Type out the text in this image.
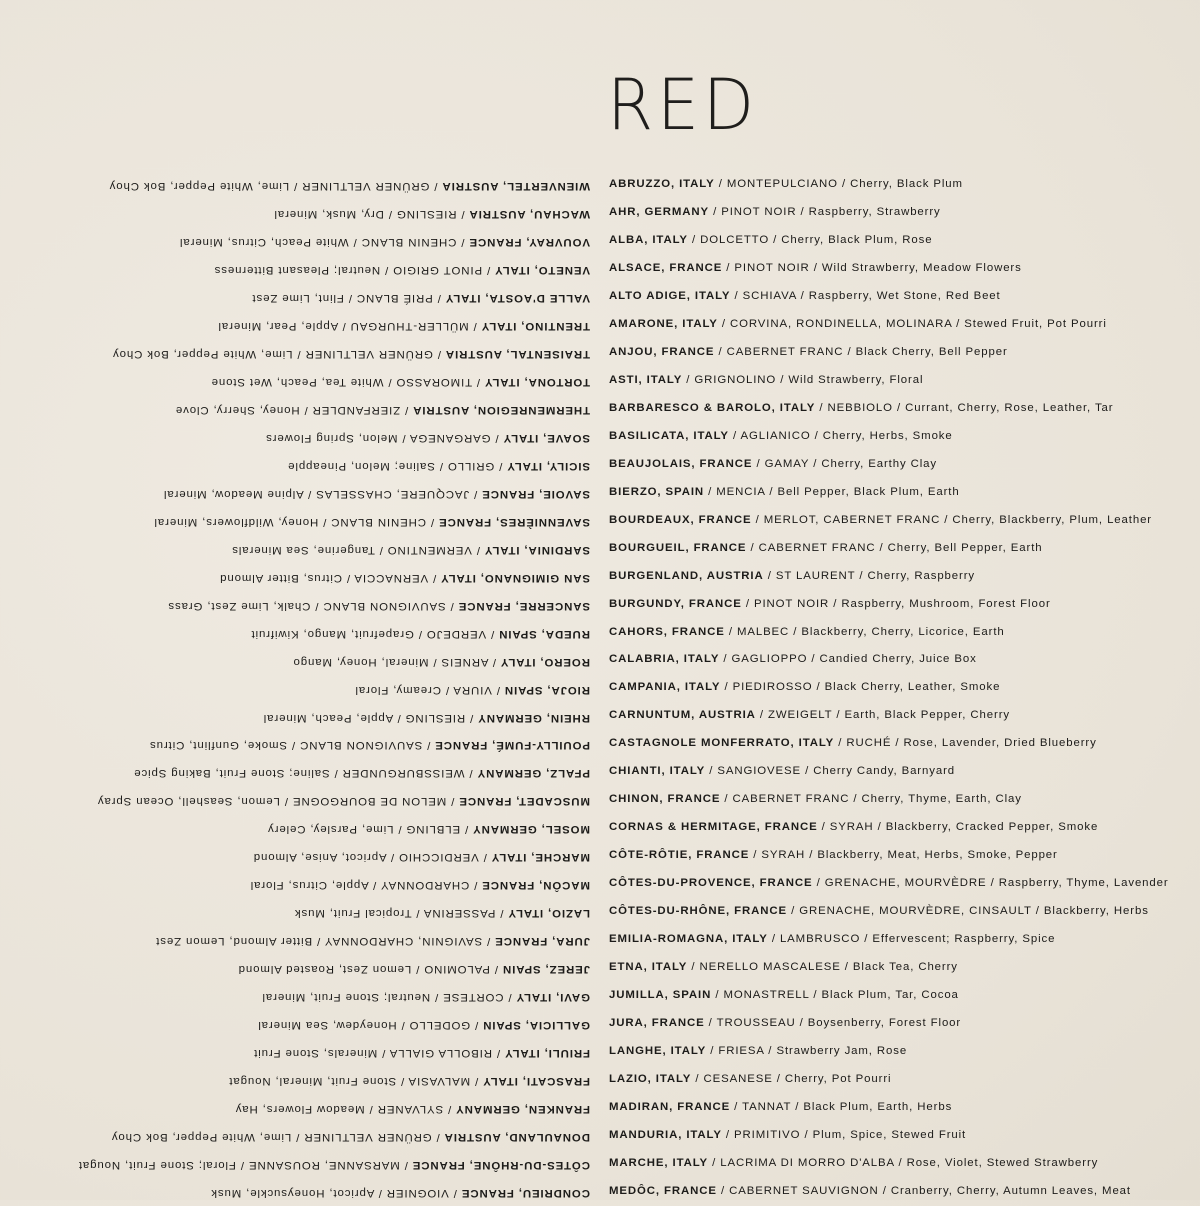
RED
ABRUZZO, ITALY / MONTEPULCIANO / Cherry, Black Plum
AHR, GERMANY / PINOT NOIR / Raspberry, Strawberry
ALBA, ITALY / DOLCETTO / Cherry, Black Plum, Rose
ALSACE, FRANCE / PINOT NOIR / Wild Strawberry, Meadow Flowers
ALTO ADIGE, ITALY / SCHIAVA / Raspberry, Wet Stone, Red Beet
AMARONE, ITALY / CORVINA, RONDINELLA, MOLINARA / Stewed Fruit, Pot Pourri
ANJOU, FRANCE / CABERNET FRANC / Black Cherry, Bell Pepper
ASTI, ITALY / GRIGNOLINO / Wild Strawberry, Floral
BARBARESCO & BAROLO, ITALY / NEBBIOLO / Currant, Cherry, Rose, Leather, Tar
BASILICATA, ITALY / AGLIANICO / Cherry, Herbs, Smoke
BEAUJOLAIS, FRANCE / GAMAY / Cherry, Earthy Clay
BIERZO, SPAIN / MENCIA / Bell Pepper, Black Plum, Earth
BOURDEAUX, FRANCE / MERLOT, CABERNET FRANC / Cherry, Blackberry, Plum, Leather
BOURGUEIL, FRANCE / CABERNET FRANC / Cherry, Bell Pepper, Earth
BURGENLAND, AUSTRIA / ST LAURENT / Cherry, Raspberry
BURGUNDY, FRANCE / PINOT NOIR / Raspberry, Mushroom, Forest Floor
CAHORS, FRANCE / MALBEC / Blackberry, Cherry, Licorice, Earth
CALABRIA, ITALY / GAGLIOPPO / Candied Cherry, Juice Box
CAMPANIA, ITALY / PIEDIROSSO / Black Cherry, Leather, Smoke
CARNUNTUM, AUSTRIA / ZWEIGELT / Earth, Black Pepper, Cherry
CASTAGNOLE MONFERRATO, ITALY / RUCHÉ / Rose, Lavender, Dried Blueberry
CHIANTI, ITALY / SANGIOVESE / Cherry Candy, Barnyard
CHINON, FRANCE / CABERNET FRANC / Cherry, Thyme, Earth, Clay
CORNAS & HERMITAGE, FRANCE / SYRAH / Blackberry, Cracked Pepper, Smoke
CÔTE-RÔTIE, FRANCE / SYRAH / Blackberry, Meat, Herbs, Smoke, Pepper
CÔTES-DU-PROVENCE, FRANCE / GRENACHE, MOURVÈDRE / Raspberry, Thyme, Lavender
CÔTES-DU-RHÔNE, FRANCE / GRENACHE, MOURVÈDRE, CINSAULT / Blackberry, Herbs
EMILIA-ROMAGNA, ITALY / LAMBRUSCO / Effervescent; Raspberry, Spice
ETNA, ITALY / NERELLO MASCALESE / Black Tea, Cherry
JUMILLA, SPAIN / MONASTRELL / Black Plum, Tar, Cocoa
JURA, FRANCE / TROUSSEAU / Boysenberry, Forest Floor
LANGHE, ITALY / FRIESA / Strawberry Jam, Rose
LAZIO, ITALY / CESANESE / Cherry, Pot Pourri
MADIRAN, FRANCE / TANNAT / Black Plum, Earth, Herbs
MANDURIA, ITALY / PRIMITIVO / Plum, Spice, Stewed Fruit
MARCHE, ITALY / LACRIMA DI MORRO D'ALBA / Rose, Violet, Stewed Strawberry
MEDÔC, FRANCE / CABERNET SAUVIGNON / Cranberry, Cherry, Autumn Leaves, Meat
CONDRIEU, FRANCE / VIOGNIER / Apricot, Honeysuckle, Musk
CÔTES-DU-RHÔNE, FRANCE / MARSANNE, ROUSANNE / Floral; Stone Fruit, Nougat
DONAULAND, AUSTRIA / GRÜNER VELTLINER / Lime, White Pepper, Bok Choy
FRANKEN, GERMANY / SYLVANER / Meadow Flowers, Hay
FRASCATI, ITALY / MALVASIA / Stone Fruit, Mineral, Nougat
FRIULI, ITALY / RIBOLLA GIALLA / Minerals, Stone Fruit
GALLICIA, SPAIN / GODELLO / Honeydew, Sea Mineral
GAVI, ITALY / CORTESE / Neutral; Stone Fruit, Mineral
JEREZ, SPAIN / PALOMINO / Lemon Zest, Roasted Almond
JURA, FRANCE / SAVIGNIN, CHARDONNAY / Bitter Almond, Lemon Zest
LAZIO, ITALY / PASSERINA / Tropical Fruit, Musk
MACÔN, FRANCE / CHARDONNAY / Apple, Citrus, Floral
MARCHE, ITALY / VERDICCHIO / Apricot, Anise, Almond
MOSEL, GERMANY / ELBLING / Lime, Parsley, Celery
MUSCADET, FRANCE / MELON DE BOURGOGNE / Lemon, Seashell, Ocean Spray
PFALZ, GERMANY / WEISSBURGUNDER / Saline; Stone Fruit, Baking Spice
POUILLY-FUMÉ, FRANCE / SAUVIGNON BLANC / Smoke, Gunflint, Citrus
RHEIN, GERMANY / RIESLING / Apple, Peach, Mineral
RIOJA, SPAIN / VIURA / Creamy, Floral
ROERO, ITALY / ARNEIS / Mineral, Honey, Mango
RUEDA, SPAIN / VERDEJO / Grapefruit, Mango, Kiwifruit
SANCERRE, FRANCE / SAUVIGNON BLANC / Chalk, Lime Zest, Grass
SAN GIMIGNANO, ITALY / VERNACCIA / Citrus, Bitter Almond
SARDINIA, ITALY / VERMENTINO / Tangerine, Sea Minerals
SAVENNIÈRES, FRANCE / CHENIN BLANC / Honey, Wildflowers, Mineral
SAVOIE, FRANCE / JACQUERE, CHASSELAS / Alpine Meadow, Mineral
SICILY, ITALY / GRILLO / Saline; Melon, Pineapple
SOAVE, ITALY / GARGANEGA / Melon, Spring Flowers
THERMENREGION, AUSTRIA / ZIERFANDLER / Honey, Sherry, Clove
TORTONA, ITALY / TIMORASSO / White Tea, Peach, Wet Stone
TRAISENTAL, AUSTRIA / GRÜNER VELTLINER / Lime, White Pepper, Bok Choy
TRENTINO, ITALY / MÜLLER-THURGAU / Apple, Pear, Mineral
VALLE D'AOSTA, ITALY / PRIÉ BLANC / Flint, Lime Zest
VENETO, ITALY / PINOT GRIGIO / Neutral; Pleasant Bitterness
VOUVRAY, FRANCE / CHENIN BLANC / White Peach, Citrus, Mineral
WACHAU, AUSTRIA / RIESLING / Dry, Musk, Mineral
WIENVERTEL, AUSTRIA / GRÜNER VELTLINER / Lime, White Pepper, Bok Choy
